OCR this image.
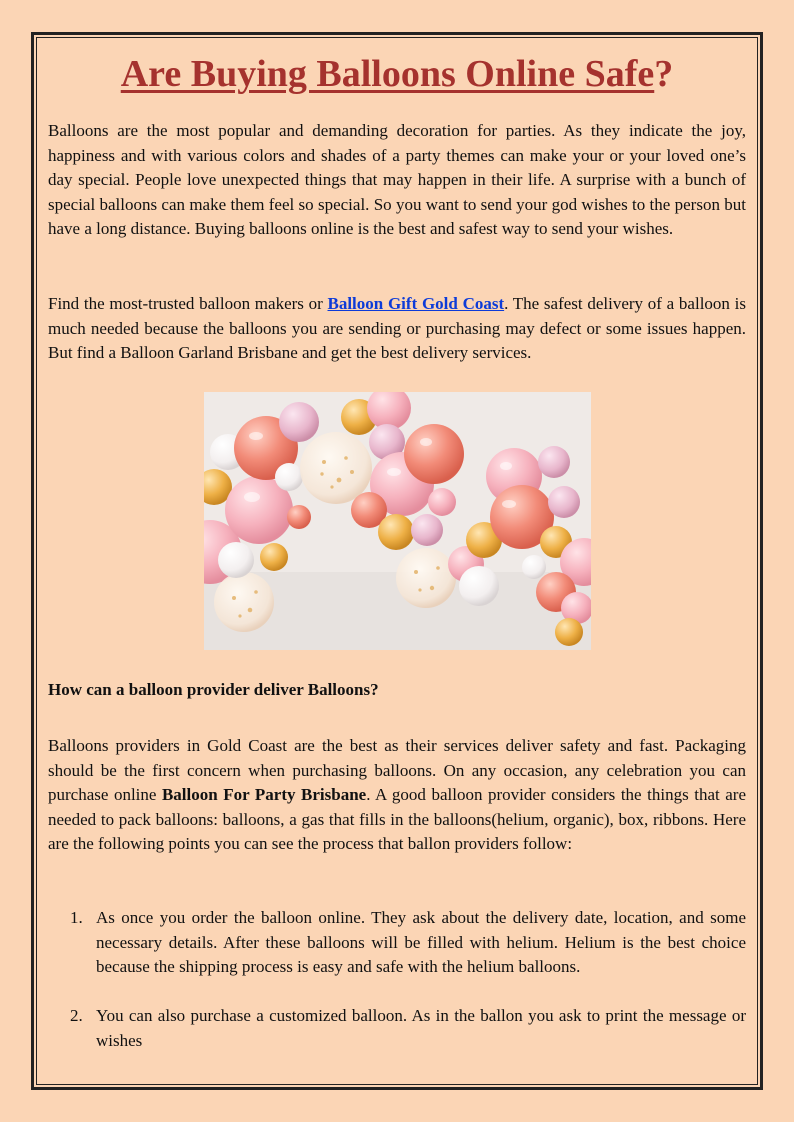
Are Buying Balloons Online Safe?

Balloons are the most popular and demanding decoration for parties. As they indicate the joy, happiness and with various colors and shades of a party themes can make your or your loved one’s day special. People love unexpected things that may happen in their life. A surprise with a bunch of special balloons can make them feel so special. So you want to send your god wishes to the person but have a long distance. Buying balloons online is the best and safest way to send your wishes.

Find the most-trusted balloon makers or Balloon Gift Gold Coast. The safest delivery of a balloon is much needed because the balloons you are sending or purchasing may defect or some issues happen. But find a Balloon Garland Brisbane and get the best delivery services.

How can a balloon provider deliver Balloons?

Balloons providers in Gold Coast are the best as their services deliver safety and fast. Packaging should be the first concern when purchasing balloons. On any occasion, any celebration you can purchase online Balloon For Party Brisbane. A good balloon provider considers the things that are needed to pack balloons: balloons, a gas that fills in the balloons(helium, organic), box, ribbons. Here are the following points you can see the process that ballon providers follow:

1. As once you order the balloon online. They ask about the delivery date, location, and some necessary details. After these balloons will be filled with helium. Helium is the best choice because the shipping process is easy and safe with the helium balloons.
2. You can also purchase a customized balloon. As in the ballon you ask to print the message or wishes
